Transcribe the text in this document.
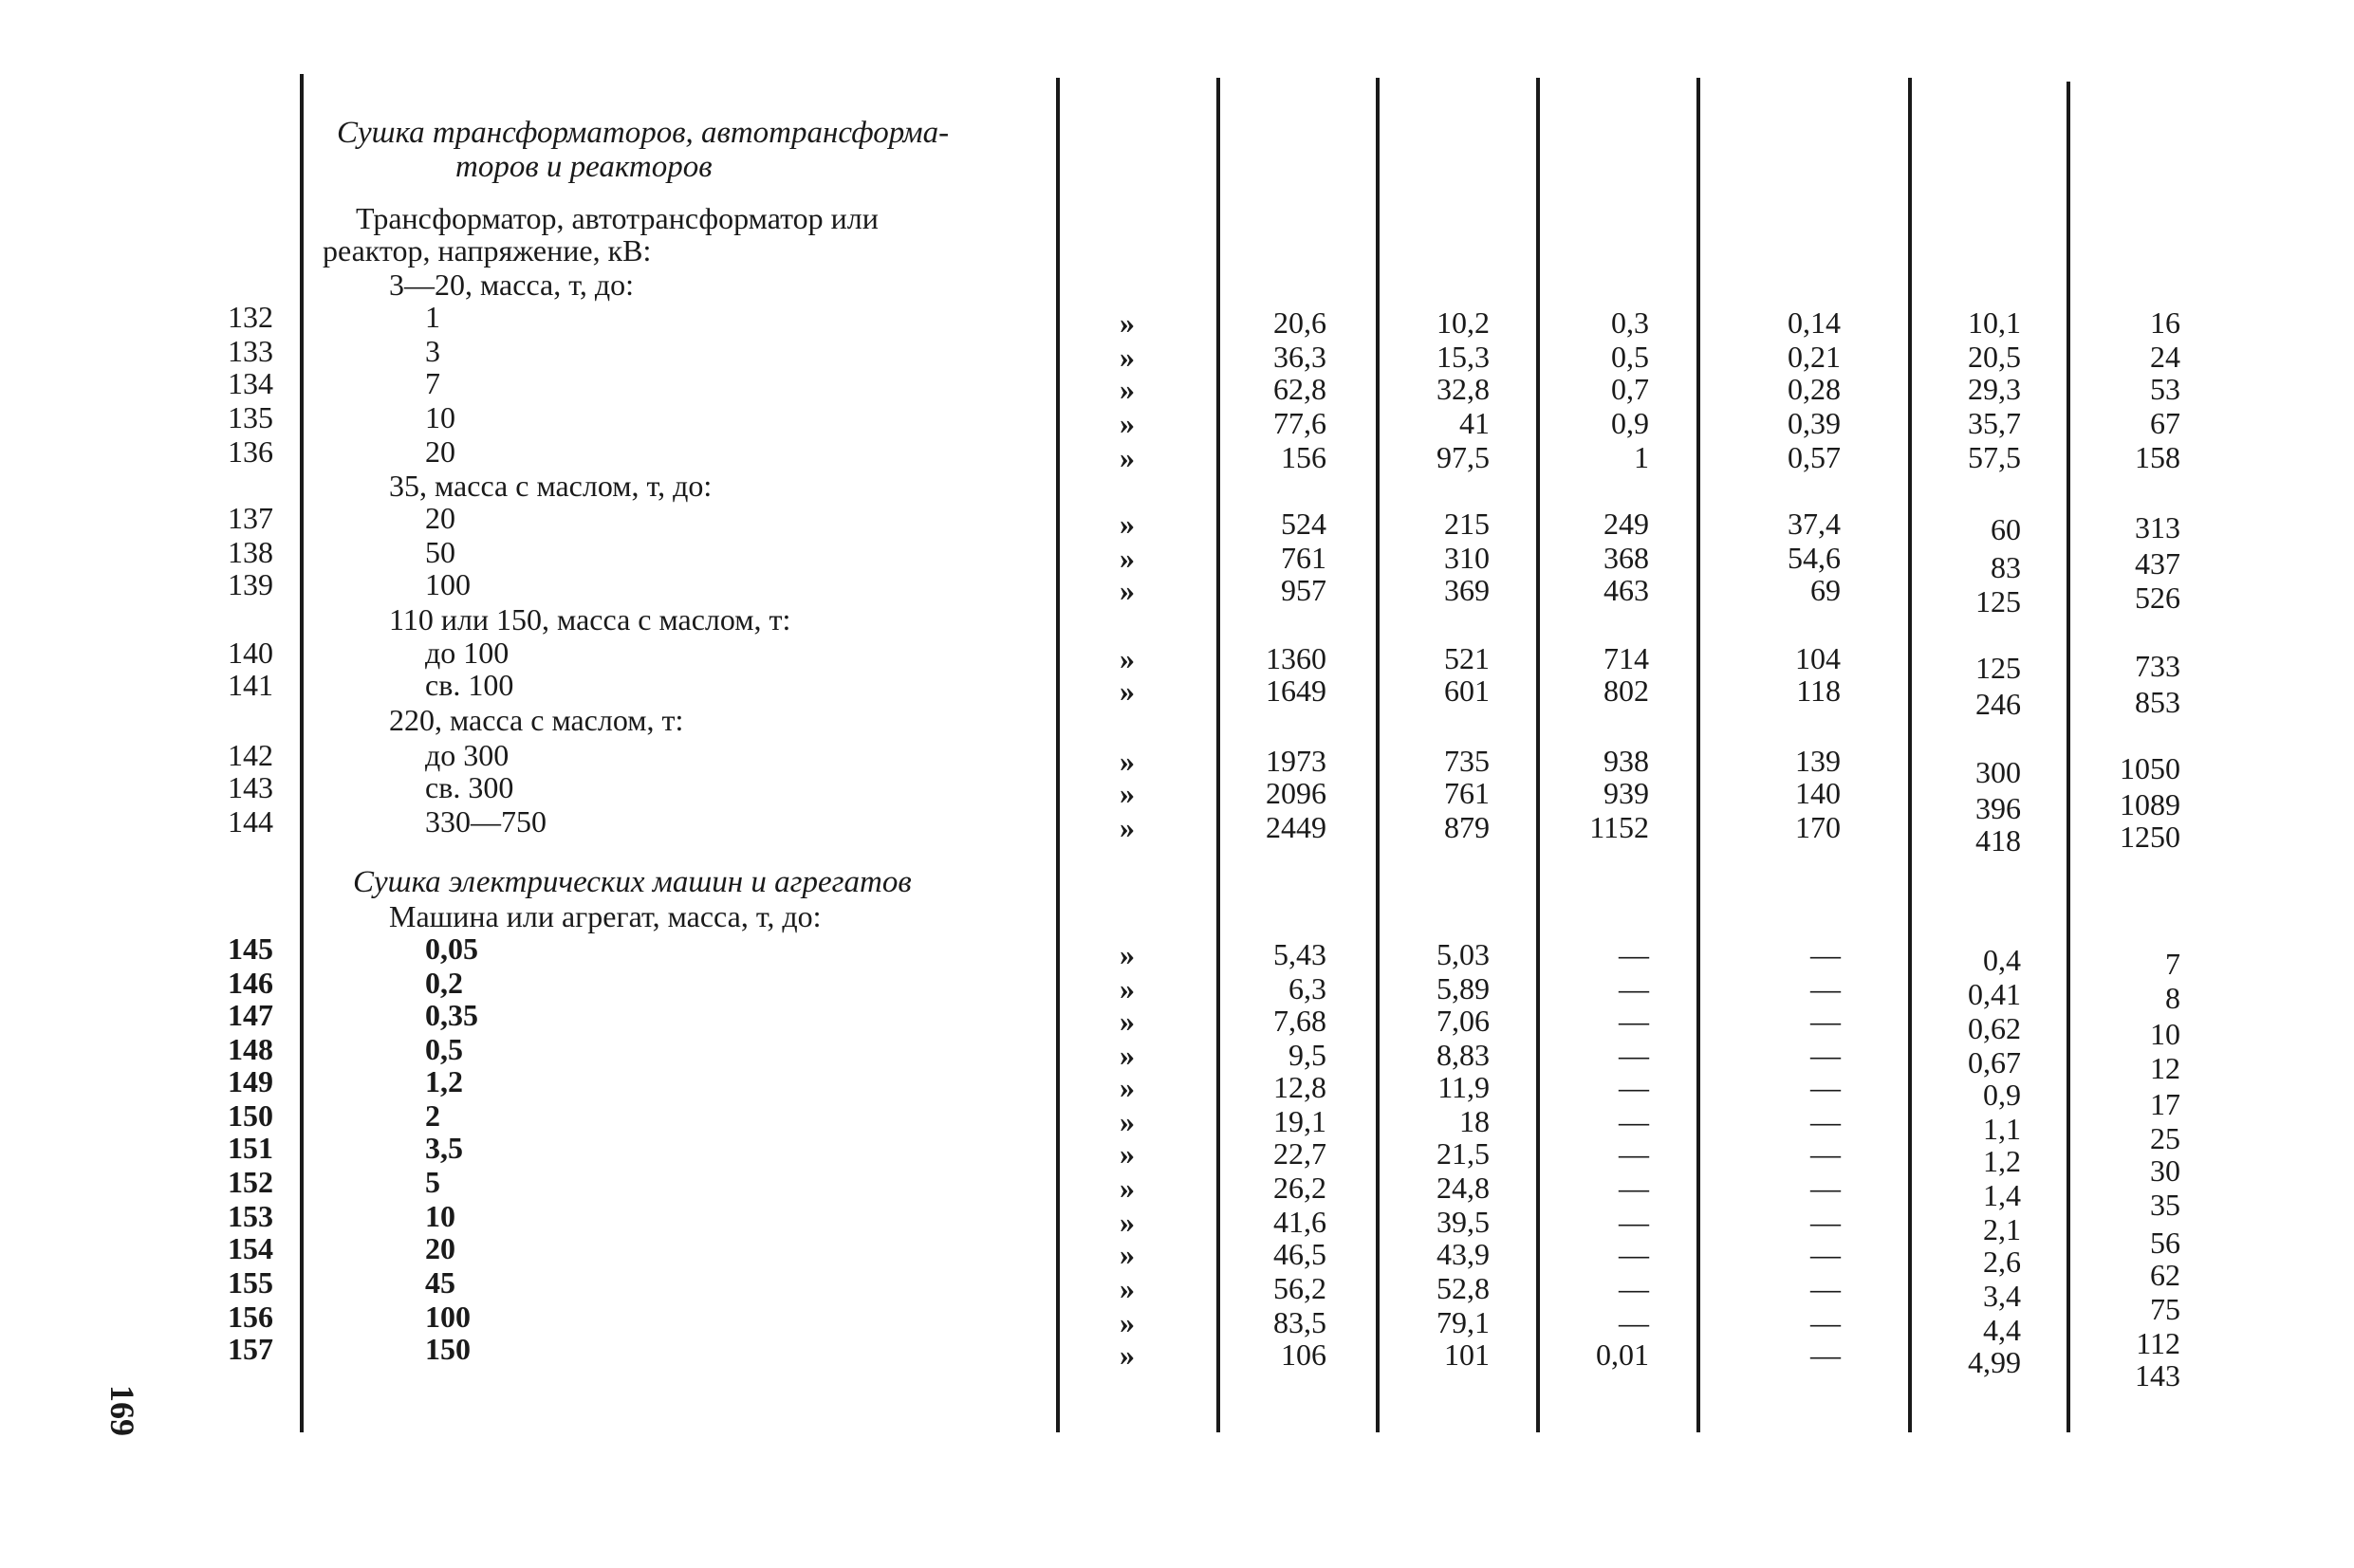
Сушка трансформаторов, автотрансформа-
торов и реакторов
Трансформатор, автотрансформатор или
реактор, напряжение, кВ:
3—20, масса, т, до:
35, масса с маслом, т, до:
110 или 150, масса с маслом, т:
220, масса с маслом, т:
Сушка электрических машин и агрегатов
Машина или агрегат, масса, т, до:
132	1	»	20,6	10,2	0,3	0,14	10,1	16
133	3	»	36,3	15,3	0,5	0,21	20,5	24
134	7	»	62,8	32,8	0,7	0,28	29,3	53
135	10	»	77,6	41	0,9	0,39	35,7	67
136	20	»	156	97,5	1	0,57	57,5	158
137	20	»	524	215	249	37,4	60	313
138	50	»	761	310	368	54,6	83	437
139	100	»	957	369	463	69	125	526
140	до 100	»	1360	521	714	104	125	733
141	св. 100	»	1649	601	802	118	246	853
142	до 300	»	1973	735	938	139	300	1050
143	св. 300	»	2096	761	939	140	396	1089
144	330—750	»	2449	879	1152	170	418	1250
145	0,05	»	5,43	5,03	—	—	0,4	7
146	0,2	»	6,3	5,89	—	—	0,41	8
147	0,35	»	7,68	7,06	—	—	0,62	10
148	0,5	»	9,5	8,83	—	—	0,67	12
149	1,2	»	12,8	11,9	—	—	0,9	17
150	2	»	19,1	18	—	—	1,1	25
151	3,5	»	22,7	21,5	—	—	1,2	30
152	5	»	26,2	24,8	—	—	1,4	35
153	10	»	41,6	39,5	—	—	2,1	56
154	20	»	46,5	43,9	—	—	2,6	62
155	45	»	56,2	52,8	—	—	3,4	75
156	100	»	83,5	79,1	—	—	4,4	112
157	150	»	106	101	0,01	—	4,99	143
169
